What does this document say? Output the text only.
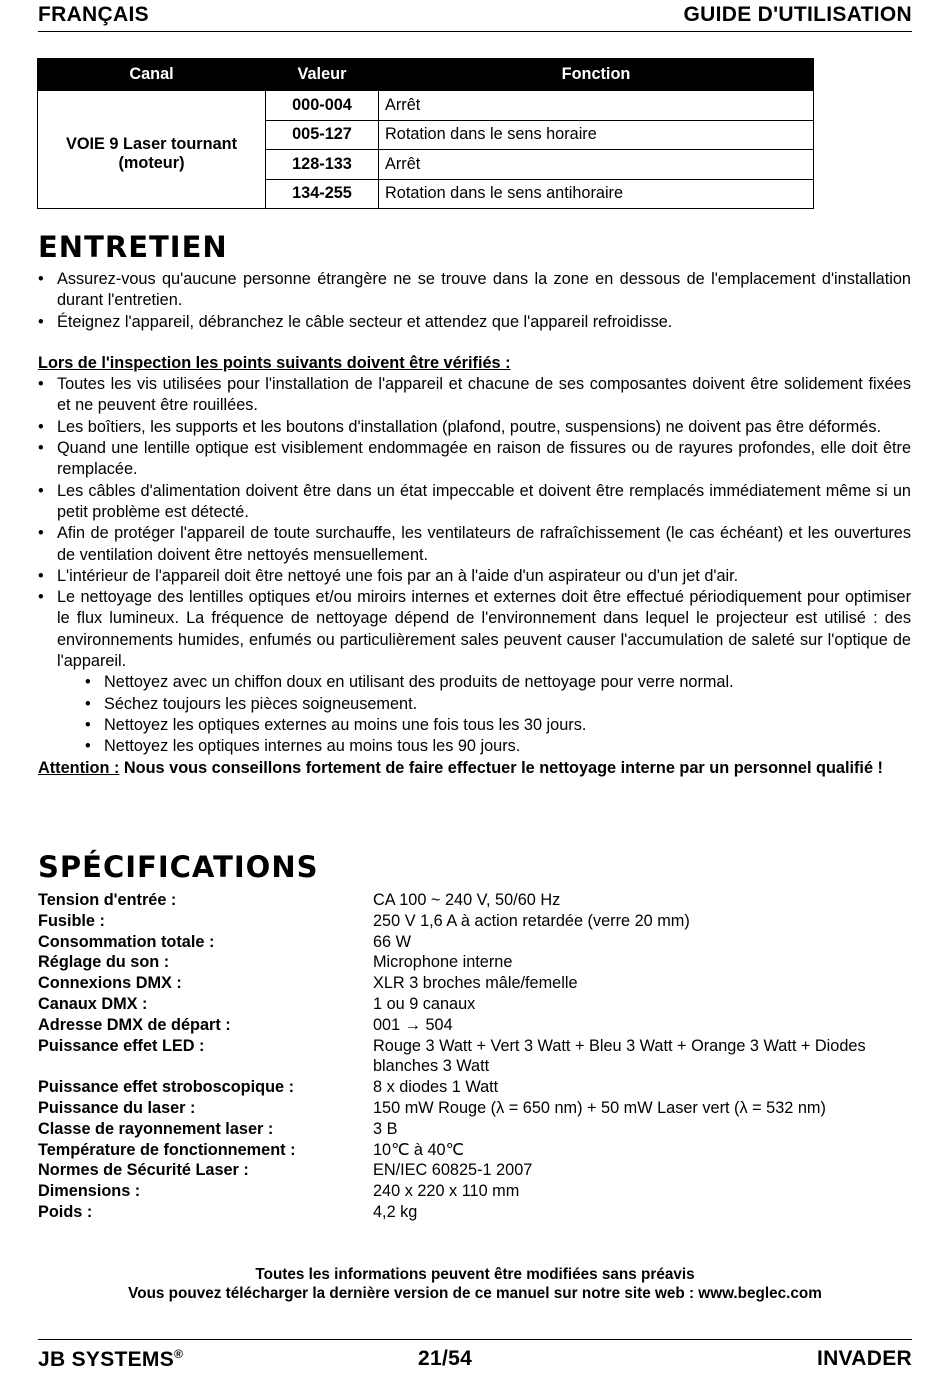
FRANÇAIS	GUIDE D'UTILISATION
Canal	Valeur	Fonction

VOIE 9 Laser tournant
(moteur)	000-004	Arrêt
	005-127	Rotation dans le sens horaire
	128-133	Arrêt
	134-255	Rotation dans le sens antihoraire
ENTRETIEN
• Assurez-vous qu'aucune personne étrangère ne se trouve dans la zone en dessous de l'emplacement d'installation durant l'entretien.
• Éteignez l'appareil, débranchez le câble secteur et attendez que l'appareil refroidisse.
Lors de l'inspection les points suivants doivent être vérifiés :
• Toutes les vis utilisées pour l'installation de l'appareil et chacune de ses composantes doivent être solidement fixées et ne peuvent être rouillées.
• Les boîtiers, les supports et les boutons d'installation (plafond, poutre, suspensions) ne doivent pas être déformés.
• Quand une lentille optique est visiblement endommagée en raison de fissures ou de rayures profondes, elle doit être remplacée.
• Les câbles d'alimentation doivent être dans un état impeccable et doivent être remplacés immédiatement même si un petit problème est détecté.
• Afin de protéger l'appareil de toute surchauffe, les ventilateurs de rafraîchissement (le cas échéant) et les ouvertures de ventilation doivent être nettoyés mensuellement.
• L'intérieur de l'appareil doit être nettoyé une fois par an à l'aide d'un aspirateur ou d'un jet d'air.
• Le nettoyage des lentilles optiques et/ou miroirs internes et externes doit être effectué périodiquement pour optimiser le flux lumineux. La fréquence de nettoyage dépend de l'environnement dans lequel le projecteur est utilisé : des environnements humides, enfumés ou particulièrement sales peuvent causer l'accumulation de saleté sur l'optique de l'appareil.
• Nettoyez avec un chiffon doux en utilisant des produits de nettoyage pour verre normal.
• Séchez toujours les pièces soigneusement.
• Nettoyez les optiques externes au moins une fois tous les 30 jours.
• Nettoyez les optiques internes au moins tous les 90 jours.
Attention : Nous vous conseillons fortement de faire effectuer le nettoyage interne par un personnel qualifié !
SPÉCIFICATIONS
Tension d'entrée :	CA 100 ~ 240 V, 50/60 Hz
Fusible :	250 V 1,6 A à action retardée (verre 20 mm)
Consommation totale :	66 W
Réglage du son :	Microphone interne
Connexions DMX :	XLR 3 broches mâle/femelle
Canaux DMX :	1 ou 9 canaux
Adresse DMX de départ :	001 → 504
Puissance effet LED :	Rouge 3 Watt + Vert 3 Watt + Bleu 3 Watt + Orange 3 Watt + Diodes blanches 3 Watt
Puissance effet stroboscopique :	8 x diodes 1 Watt
Puissance du laser :	150 mW Rouge (λ = 650 nm) + 50 mW Laser vert (λ = 532 nm)
Classe de rayonnement laser :	3 B
Température de fonctionnement :	10℃ à 40℃
Normes de Sécurité Laser :	EN/IEC 60825-1 2007
Dimensions :	240 x 220 x 110 mm
Poids :	4,2 kg
Toutes les informations peuvent être modifiées sans préavis
Vous pouvez télécharger la dernière version de ce manuel sur notre site web : www.beglec.com
JB SYSTEMS®	21/54	INVADER
